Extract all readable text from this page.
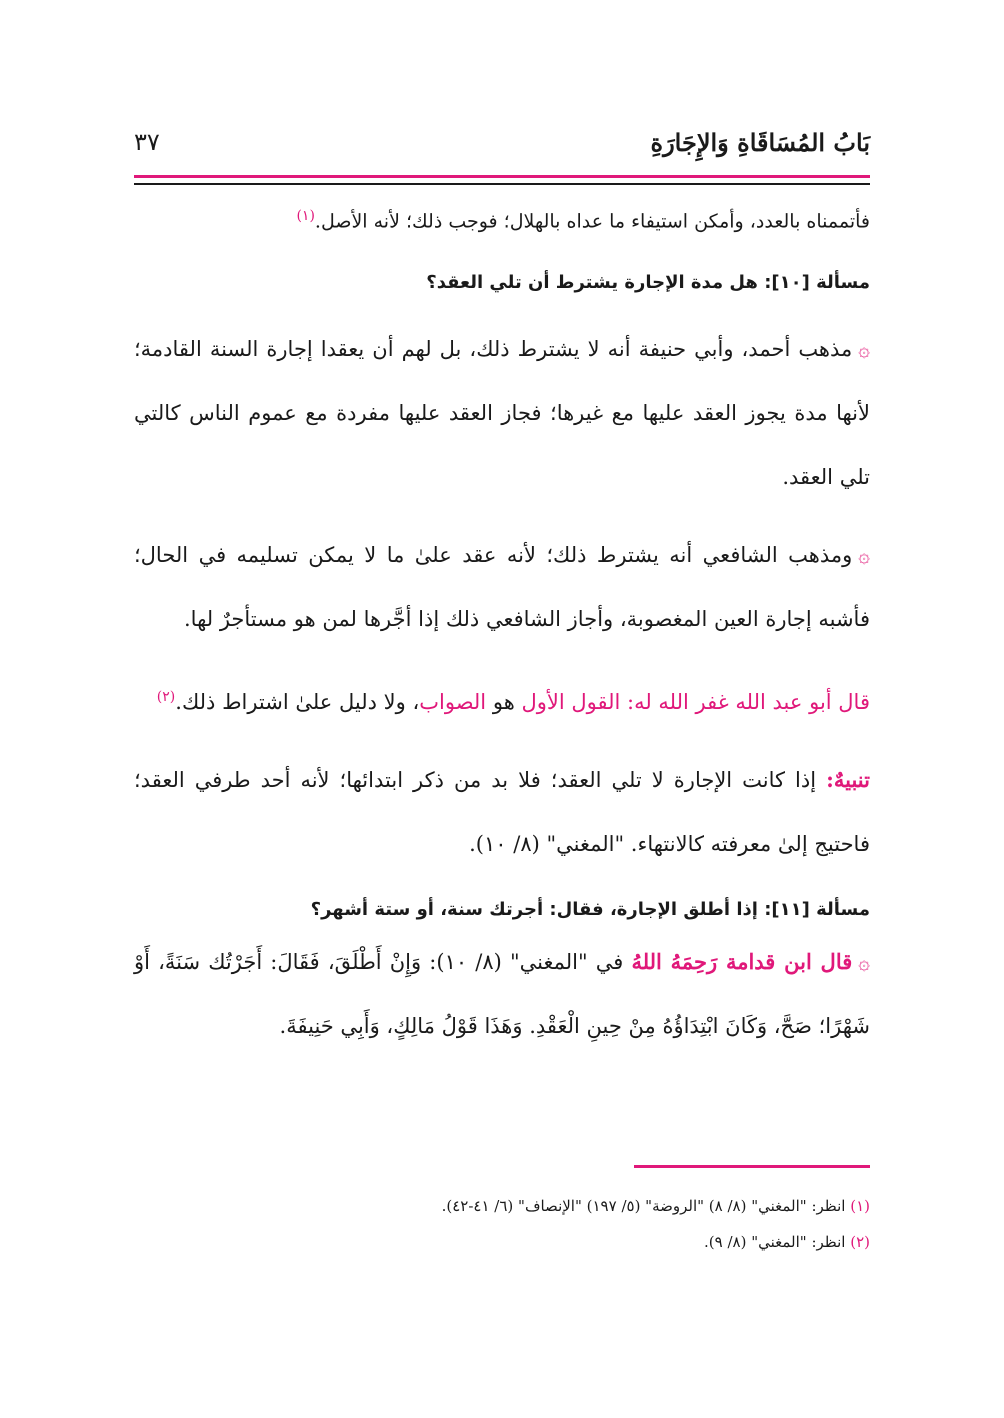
بَابُ المُسَاقَاةِ وَالإِجَارَةِ
٣٧

فأتممناه بالعدد، وأمكن استيفاء ما عداه بالهلال؛ فوجب ذلك؛ لأنه الأصل.$^{(١)}$

مسألة [١٠]: هل مدة الإجارة يشترط أن تلي العقد؟

۞مذهب أحمد، وأبي حنيفة أنه لا يشترط ذلك، بل لهم أن يعقدا إجارة السنة القادمة؛ لأنها مدة يجوز العقد عليها مع غيرها؛ فجاز العقد عليها مفردة مع عموم الناس كالتي تلي العقد.

۞ومذهب الشافعي أنه يشترط ذلك؛ لأنه عقد علىٰ ما لا يمكن تسليمه في الحال؛ فأشبه إجارة العين المغصوبة، وأجاز الشافعي ذلك إذا أجَّرها لمن هو مستأجرٌ لها.

قال أبو عبد الله غفر الله له: القول الأول هو الصواب، ولا دليل علىٰ اشتراط ذلك.$^{(٢)}$

تنبيهٌ: إذا كانت الإجارة لا تلي العقد؛ فلا بد من ذكر ابتدائها؛ لأنه أحد طرفي العقد؛ فاحتيج إلىٰ معرفته كالانتهاء. "المغني" (٨/ ١٠).

مسألة [١١]: إذا أطلق الإجارة، فقال: أجرتك سنة، أو ستة أشهر؟

۞قال ابن قدامة رَحِمَهُ اللهُ في "المغني" (٨/ ١٠): وَإِنْ أَطْلَقَ، فَقَالَ: أَجَرْتُك سَنَةً، أَوْ شَهْرًا؛ صَحَّ، وَكَانَ ابْتِدَاؤُهُ مِنْ حِينِ الْعَقْدِ. وَهَذَا قَوْلُ مَالِكٍ، وَأَبِي حَنِيفَةَ.

(١) انظر: "المغني" (٨/ ٨) "الروضة" (٥/ ١٩٧) "الإنصاف" (٦/ ٤١-٤٢).

(٢) انظر: "المغني" (٨/ ٩).
